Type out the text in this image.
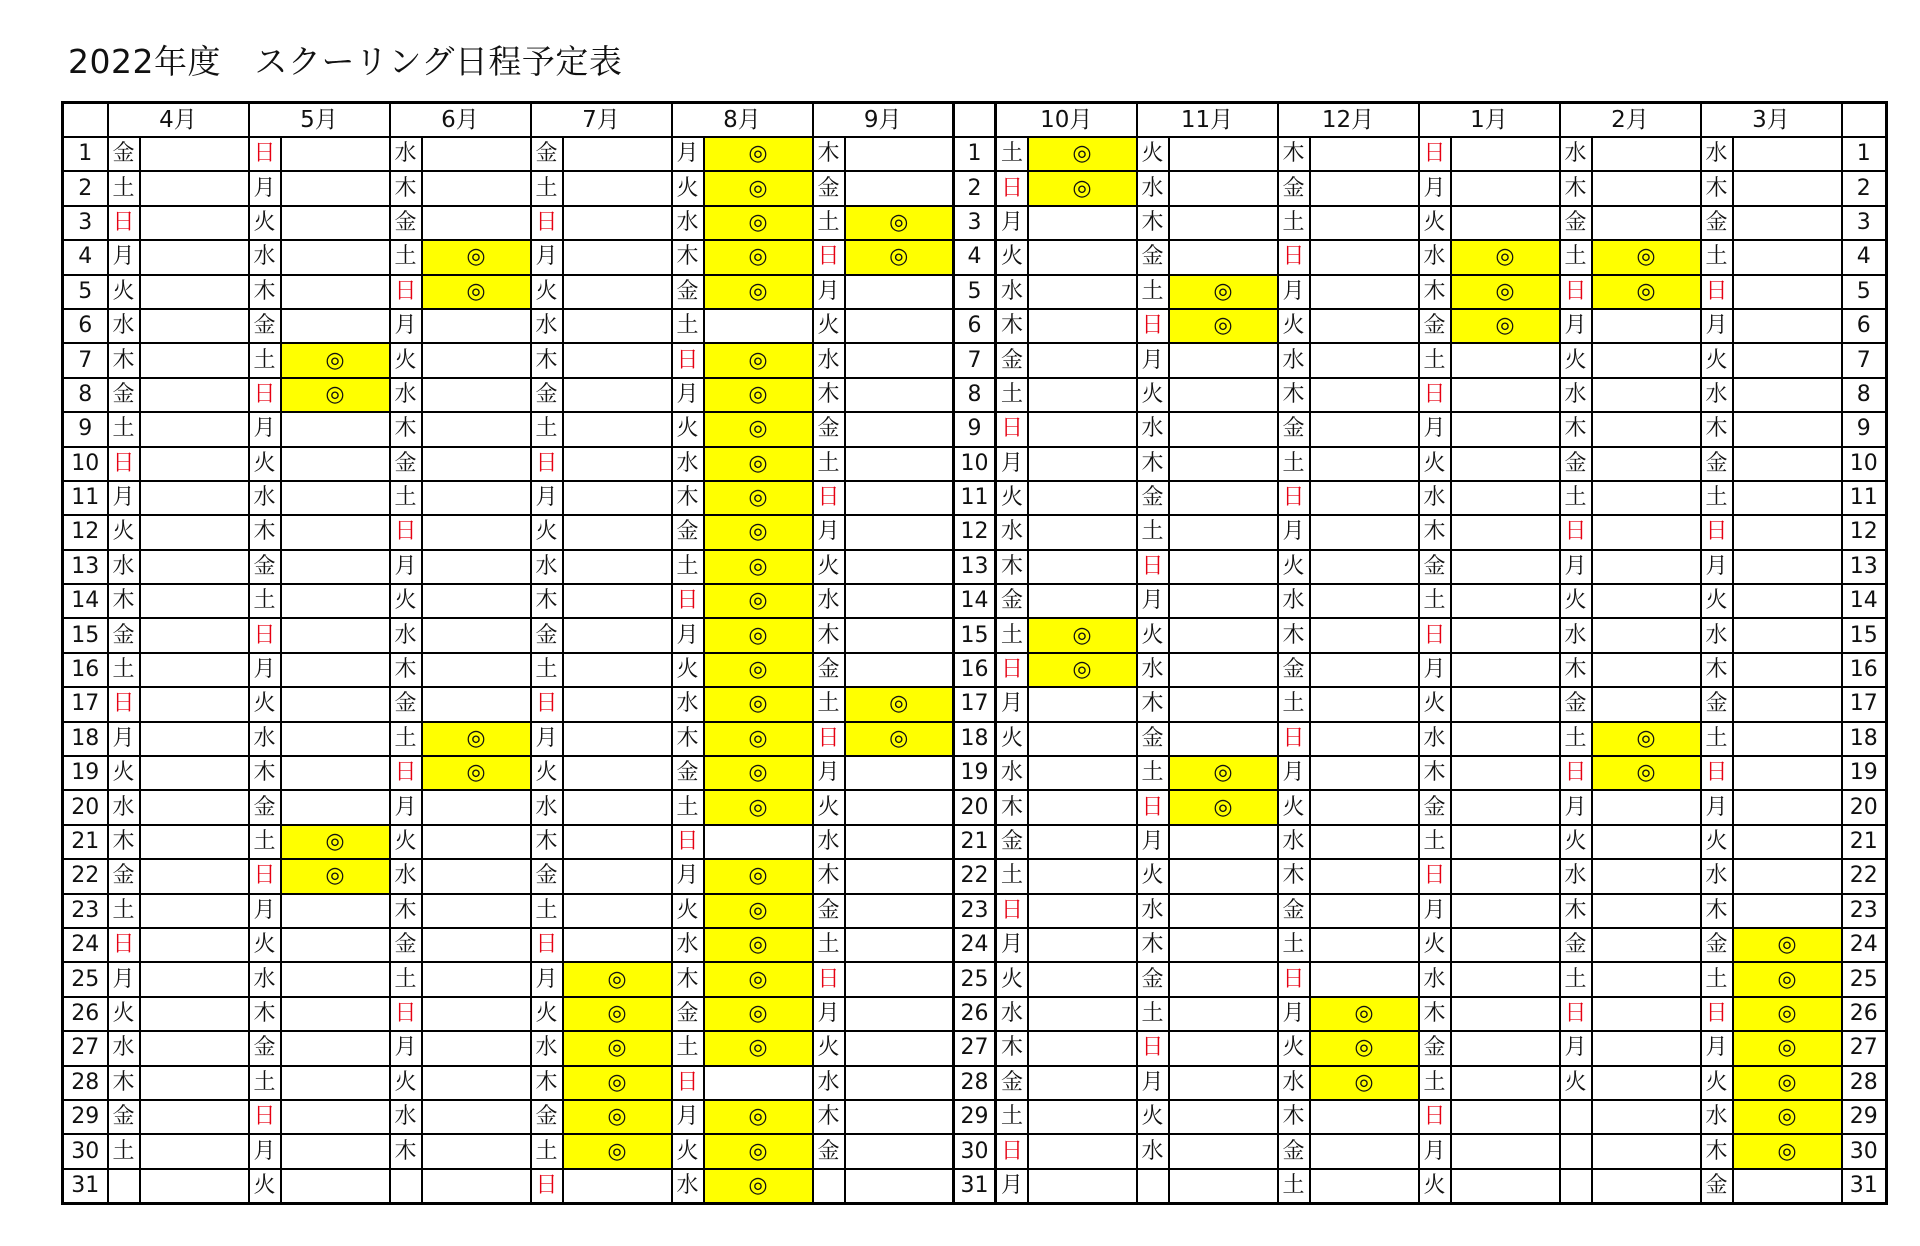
2022年度　スクーリング日程予定表
	4月		5月		6月		7月		8月		9月			10月		11月		12月		1月		2月		3月		
1	金		日		水		金		月	◎	木		1	土	◎	火		木		日		水		水		1
2	土		月		木		土		火	◎	金		2	日	◎	水		金		月		木		木		2
3	日		火		金		日		水	◎	土	◎	3	月		木		土		火		金		金		3
4	月		水		土	◎	月		木	◎	日	◎	4	火		金		日		水	◎	土	◎	土		4
5	火		木		日	◎	火		金	◎	月		5	水		土	◎	月		木	◎	日	◎	日		5
6	水		金		月		水		土		火		6	木		日	◎	火		金	◎	月		月		6
7	木		土	◎	火		木		日	◎	水		7	金		月		水		土		火		火		7
8	金		日	◎	水		金		月	◎	木		8	土		火		木		日		水		水		8
9	土		月		木		土		火	◎	金		9	日		水		金		月		木		木		9
10	日		火		金		日		水	◎	土		10	月		木		土		火		金		金		10
11	月		水		土		月		木	◎	日		11	火		金		日		水		土		土		11
12	火		木		日		火		金	◎	月		12	水		土		月		木		日		日		12
13	水		金		月		水		土	◎	火		13	木		日		火		金		月		月		13
14	木		土		火		木		日	◎	水		14	金		月		水		土		火		火		14
15	金		日		水		金		月	◎	木		15	土	◎	火		木		日		水		水		15
16	土		月		木		土		火	◎	金		16	日	◎	水		金		月		木		木		16
17	日		火		金		日		水	◎	土	◎	17	月		木		土		火		金		金		17
18	月		水		土	◎	月		木	◎	日	◎	18	火		金		日		水		土	◎	土		18
19	火		木		日	◎	火		金	◎	月		19	水		土	◎	月		木		日	◎	日		19
20	水		金		月		水		土	◎	火		20	木		日	◎	火		金		月		月		20
21	木		土	◎	火		木		日		水		21	金		月		水		土		火		火		21
22	金		日	◎	水		金		月	◎	木		22	土		火		木		日		水		水		22
23	土		月		木		土		火	◎	金		23	日		水		金		月		木		木		23
24	日		火		金		日		水	◎	土		24	月		木		土		火		金		金	◎	24
25	月		水		土		月	◎	木	◎	日		25	火		金		日		水		土		土	◎	25
26	火		木		日		火	◎	金	◎	月		26	水		土		月	◎	木		日		日	◎	26
27	水		金		月		水	◎	土	◎	火		27	木		日		火	◎	金		月		月	◎	27
28	木		土		火		木	◎	日		水		28	金		月		水	◎	土		火		火	◎	28
29	金		日		水		金	◎	月	◎	木		29	土		火		木		日				水	◎	29
30	土		月		木		土	◎	火	◎	金		30	日		水		金		月				木	◎	30
31			火				日		水	◎			31	月				土		火				金		31
